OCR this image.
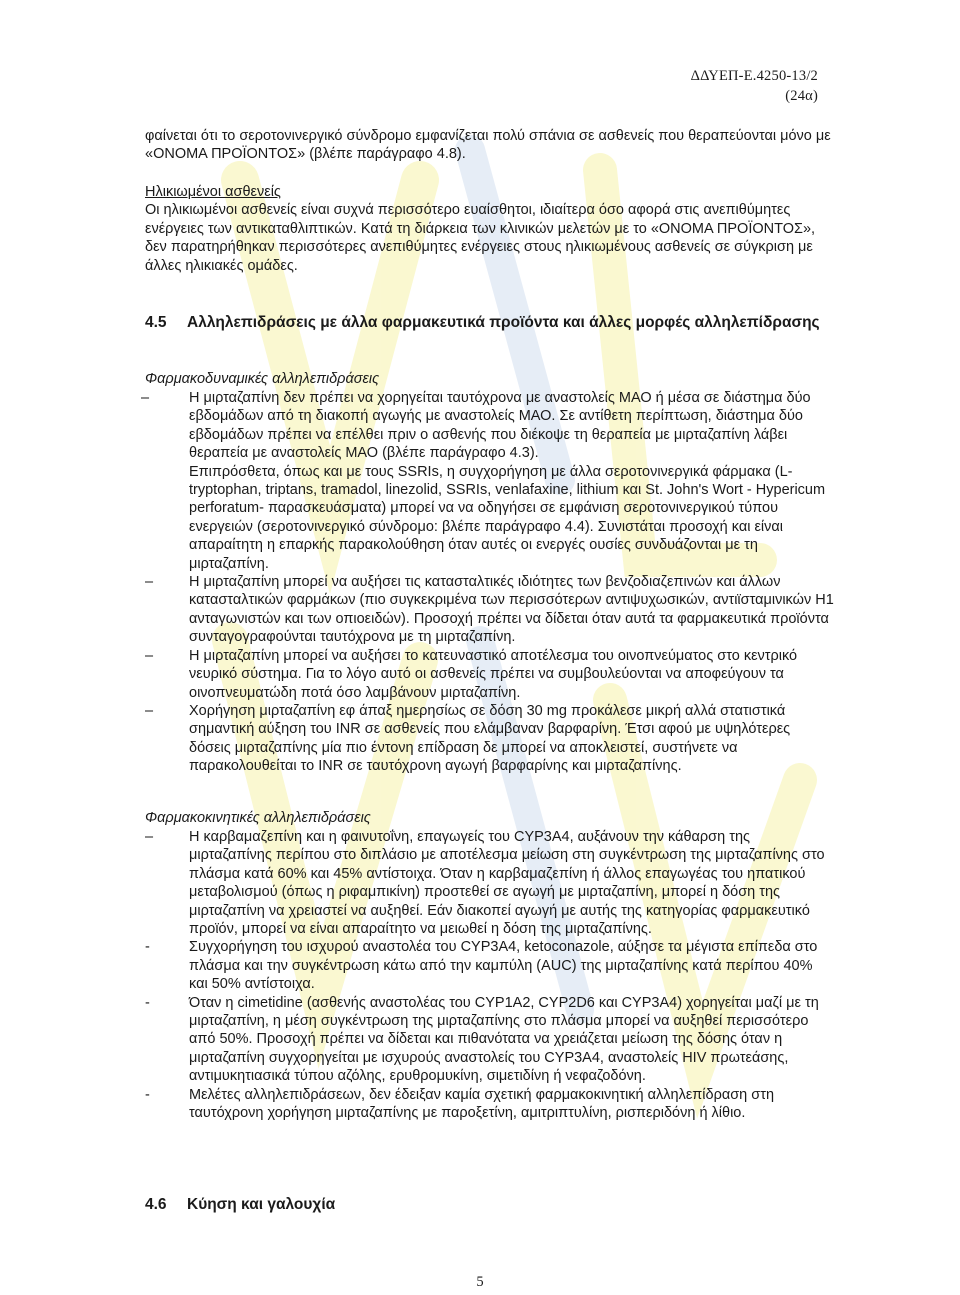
ΔΔΥΕΠ-Ε.4250-13/2
(24α)
φαίνεται ότι το σεροτονινεργικό σύνδρομο εμφανίζεται πολύ σπάνια σε ασθενείς που θεραπεύονται μόνο με «ΟΝΟΜΑ ΠΡΟΪΟΝΤΟΣ» (βλέπε παράγραφο 4.8).
Ηλικιωμένοι ασθενείς
Οι ηλικιωμένοι ασθενείς είναι συχνά περισσότερο ευαίσθητοι, ιδιαίτερα όσο αφορά στις ανεπιθύμητες ενέργειες των αντικαταθλιπτικών. Κατά τη διάρκεια των κλινικών μελετών με το «ΟΝΟΜΑ ΠΡΟΪΟΝΤΟΣ», δεν παρατηρήθηκαν περισσότερες ανεπιθύμητες ενέργειες στους ηλικιωμένους ασθενείς σε σύγκριση με άλλες ηλικιακές ομάδες.
4.5 Αλληλεπιδράσεις με άλλα φαρμακευτικά προϊόντα και άλλες μορφές αλληλεπίδρασης
Φαρμακοδυναμικές αλληλεπιδράσεις
–	Η μιρταζαπίνη δεν πρέπει να χορηγείται ταυτόχρονα με αναστολείς ΜΑΟ ή μέσα σε διάστημα δύο εβδομάδων από τη διακοπή αγωγής με αναστολείς ΜΑΟ. Σε αντίθετη περίπτωση, διάστημα δύο εβδομάδων πρέπει να επέλθει πριν ο ασθενής που διέκοψε τη θεραπεία με μιρταζαπίνη λάβει θεραπεία με αναστολείς ΜΑΟ (βλέπε παράγραφο 4.3).
Επιπρόσθετα, όπως και με τους SSRIs, η συγχορήγηση με άλλα σεροτονινεργικά φάρμακα (L-tryptophan, triptans, tramadol, linezolid, SSRIs, venlafaxine, lithium και St. John's Wort - Hypericum perforatum- παρασκευάσματα) μπορεί να να οδηγήσει σε εμφάνιση σεροτονινεργικού τύπου ενεργειών (σεροτονινεργικό σύνδρομο: βλέπε παράγραφο 4.4). Συνιστάται προσοχή και είναι απαραίτητη η επαρκής παρακολούθηση όταν αυτές οι ενεργές ουσίες συνδυάζονται με τη μιρταζαπίνη.
– Η μιρταζαπίνη μπορεί να αυξήσει τις κατασταλτικές ιδιότητες των βενζοδιαζεπινών και άλλων κατασταλτικών φαρμάκων (πιο συγκεκριμένα των περισσότερων αντιψυχωσικών, αντιϊσταμινικών Η1 ανταγωνιστών και των οπιοειδών). Προσοχή πρέπει να δίδεται όταν αυτά τα φαρμακευτικά προϊόντα συνταγογραφούνται ταυτόχρονα με τη μιρταζαπίνη.
– Η μιρταζαπίνη μπορεί να αυξήσει το κατευναστικό αποτέλεσμα του οινοπνεύματος στο κεντρικό νευρικό σύστημα. Για το λόγο αυτό οι ασθενείς πρέπει να συμβουλεύονται να αποφεύγουν τα οινοπνευματώδη ποτά όσο λαμβάνουν μιρταζαπίνη.
– Χορήγηση μιρταζαπίνη εφ άπαξ ημερησίως σε δόση 30 mg προκάλεσε μικρή αλλά στατιστικά σημαντική αύξηση του INR σε ασθενείς που ελάμβαναν βαρφαρίνη. Έτσι αφού με υψηλότερες δόσεις μιρταζαπίνης μία πιο έντονη επίδραση δε μπορεί να αποκλειστεί, συστήνετε να παρακολουθείται το INR σε ταυτόχρονη αγωγή βαρφαρίνης και μιρταζαπίνης.
Φαρμακοκινητικές αλληλεπιδράσεις
– Η καρβαμαζεπίνη και η φαινυτοΐνη, επαγωγείς του CYP3A4, αυξάνουν την κάθαρση της μιρταζαπίνης περίπου στο διπλάσιο με αποτέλεσμα μείωση στη συγκέντρωση της μιρταζαπίνης στο πλάσμα κατά 60% και 45% αντίστοιχα. Όταν η καρβαμαζεπίνη ή άλλος επαγωγέας του ηπατικού μεταβολισμού (όπως η ριφαμπικίνη) προστεθεί σε αγωγή με μιρταζαπίνη, μπορεί η δόση της μιρταζαπίνη να χρειαστεί να αυξηθεί. Εάν διακοπεί αγωγή με αυτής της κατηγορίας φαρμακευτικό προϊόν, μπορεί να είναι απαραίτητο να μειωθεί η δόση της μιρταζαπίνης.
-	Συγχορήγηση του ισχυρού αναστολέα του CYP3A4, ketoconazole, αύξησε τα μέγιστα επίπεδα στο πλάσμα και την συγκέντρωση κάτω από την καμπύλη (AUC) της μιρταζαπίνης κατά περίπου 40% και 50% αντίστοιχα.
-	Όταν η cimetidine (ασθενής αναστολέας του CYP1A2, CYP2D6 και CYP3A4) χορηγείται μαζί με τη μιρταζαπίνη, η μέση συγκέντρωση της μιρταζαπίνης στο πλάσμα μπορεί να αυξηθεί περισσότερο από 50%. Προσοχή πρέπει να δίδεται και πιθανότατα να χρειάζεται μείωση της δόσης όταν η μιρταζαπίνη συγχορηγείται με ισχυρούς αναστολείς του CYP3A4, αναστολείς HIV πρωτεάσης, αντιμυκητιασικά τύπου αζόλης, ερυθρομυκίνη, σιμετιδίνη ή νεφαζοδόνη.
-	Μελέτες αλληλεπιδράσεων, δεν έδειξαν καμία σχετική φαρμακοκινητική αλληλεπίδραση στη ταυτόχρονη χορήγηση μιρταζαπίνης με παροξετίνη, αμιτριπτυλίνη, ρισπεριδόνη ή λίθιο.
4.6 Κύηση και γαλουχία
5
